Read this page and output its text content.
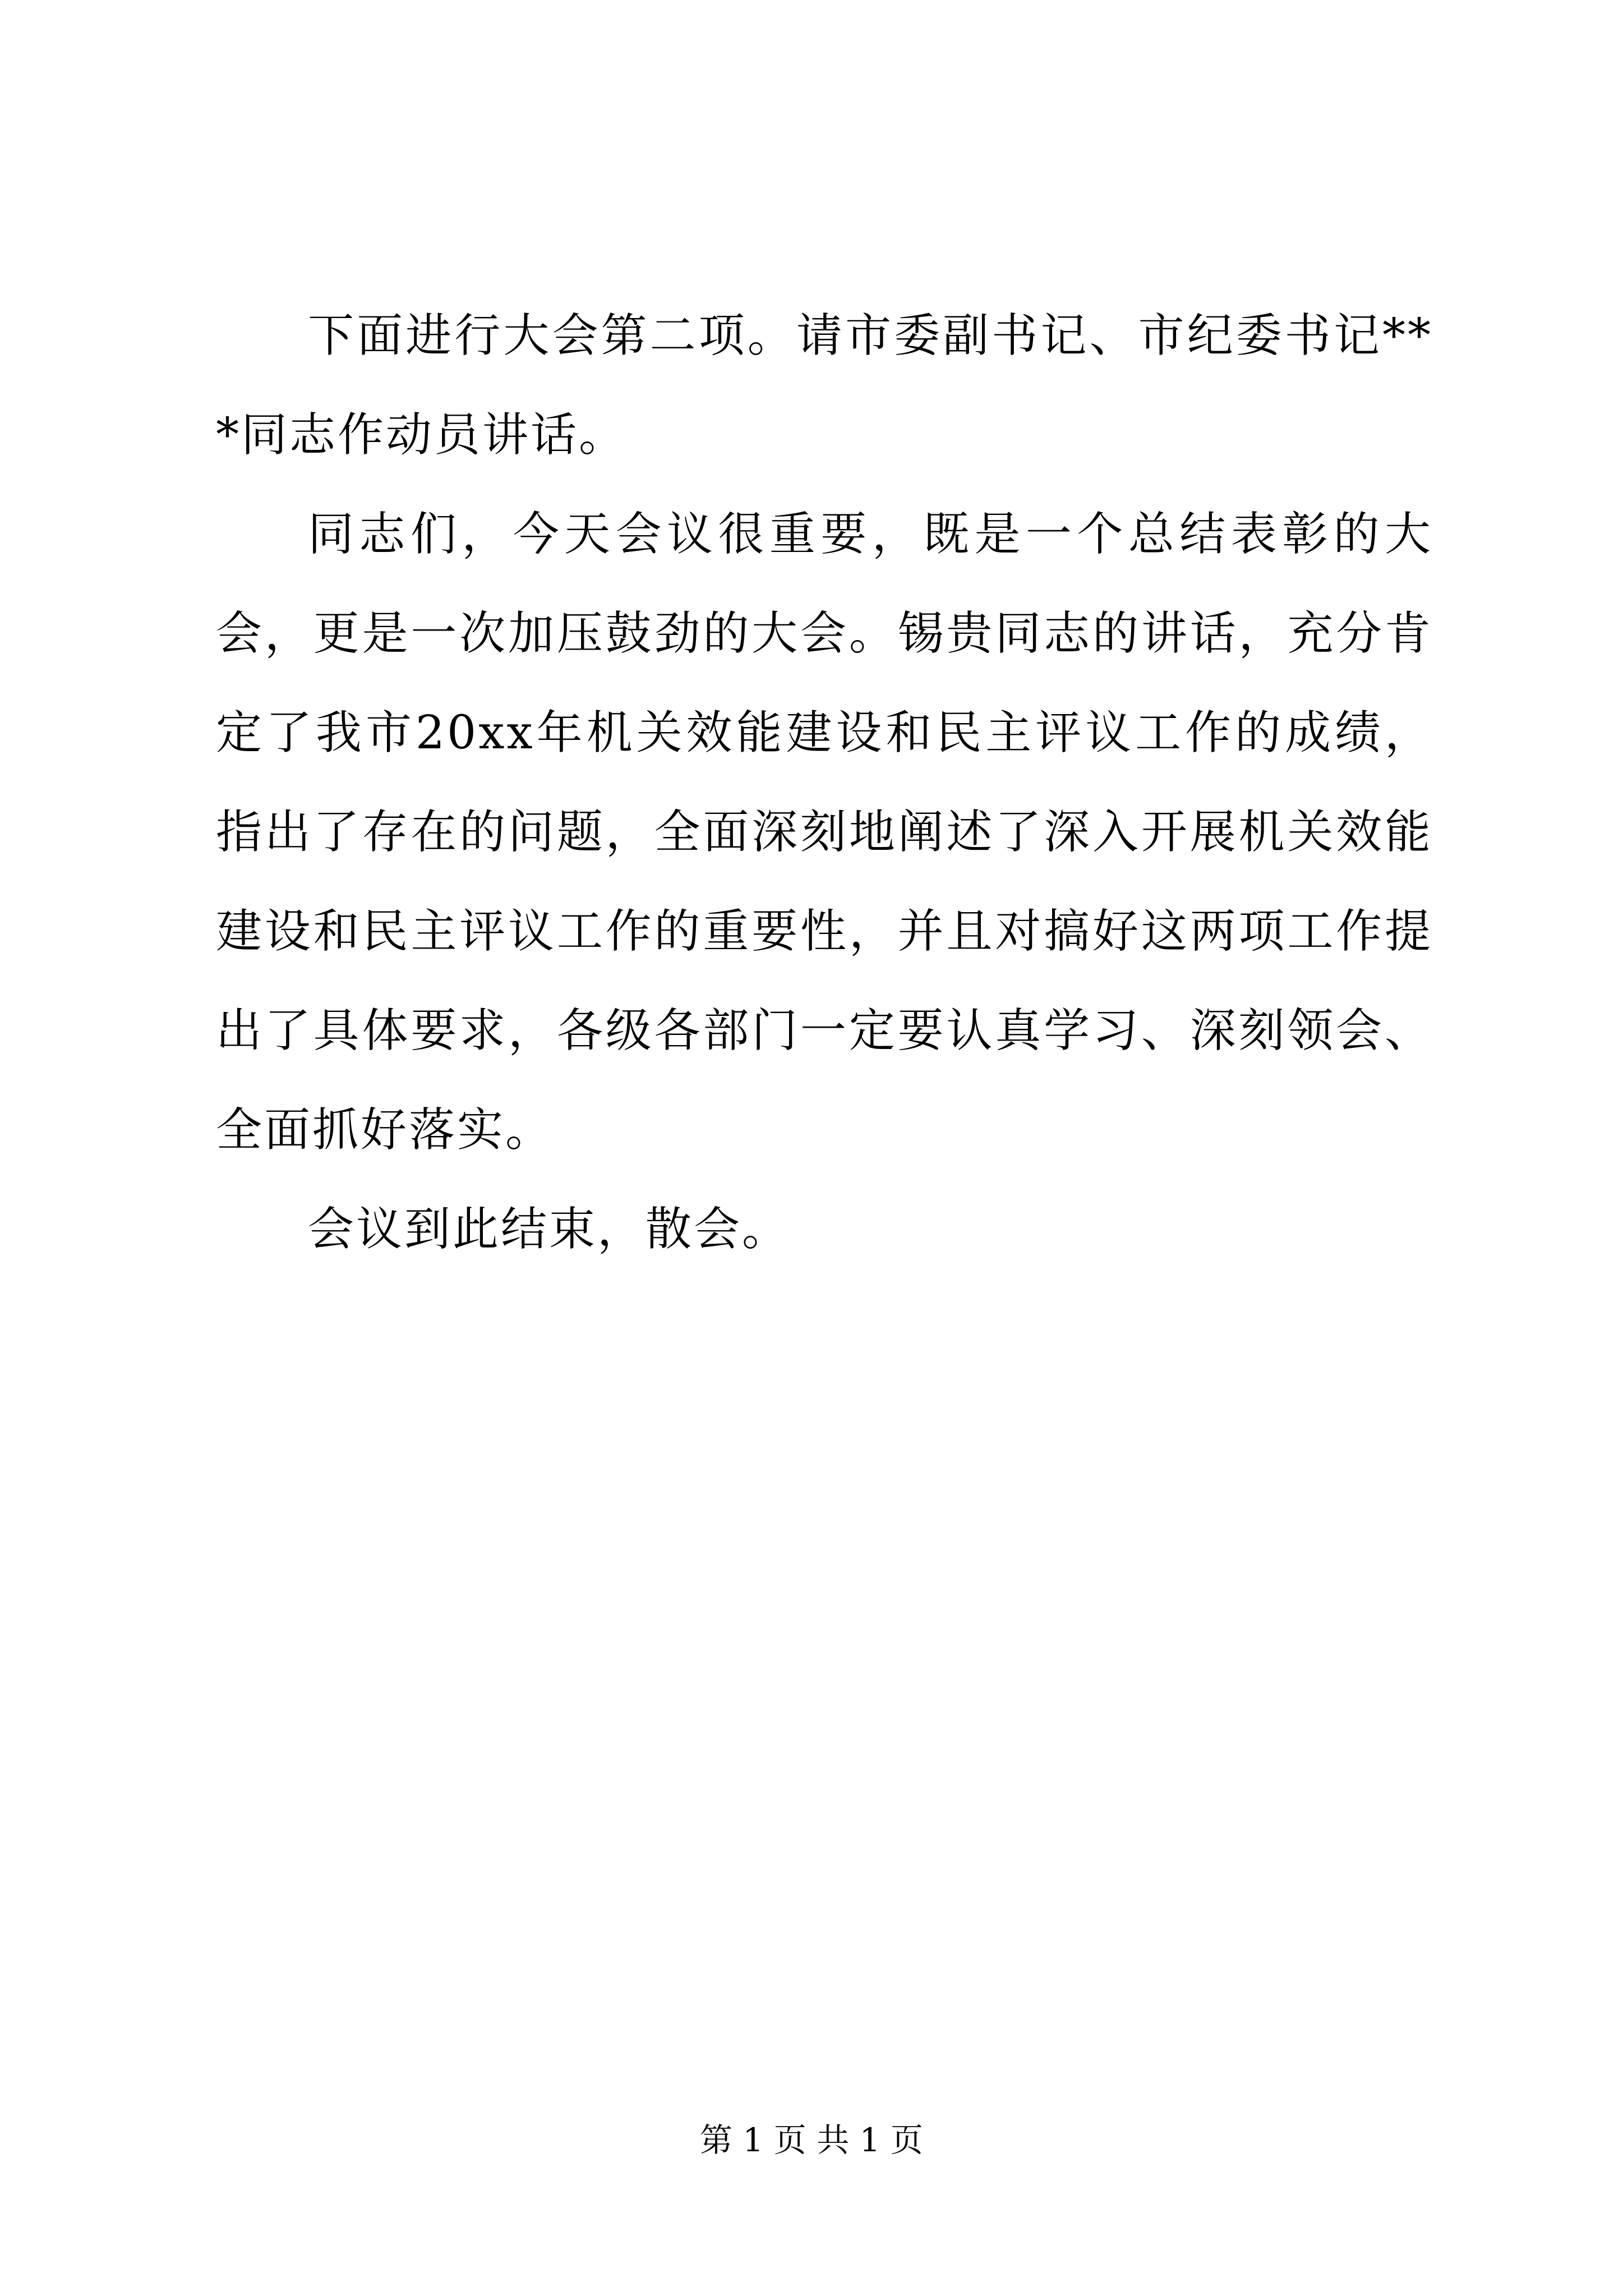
下面进行大会第二项。请市委副书记、市纪委书记***同志作动员讲话。

同志们，今天会议很重要，既是一个总结表彰的大会，更是一次加压鼓劲的大会。锡贵同志的讲话，充分肯定了我市20xx年机关效能建设和民主评议工作的成绩，指出了存在的问题，全面深刻地阐述了深入开展机关效能建设和民主评议工作的重要性，并且对搞好这两项工作提出了具体要求，各级各部门一定要认真学习、深刻领会、全面抓好落实。

会议到此结束，散会。

第 1 页 共 1 页
